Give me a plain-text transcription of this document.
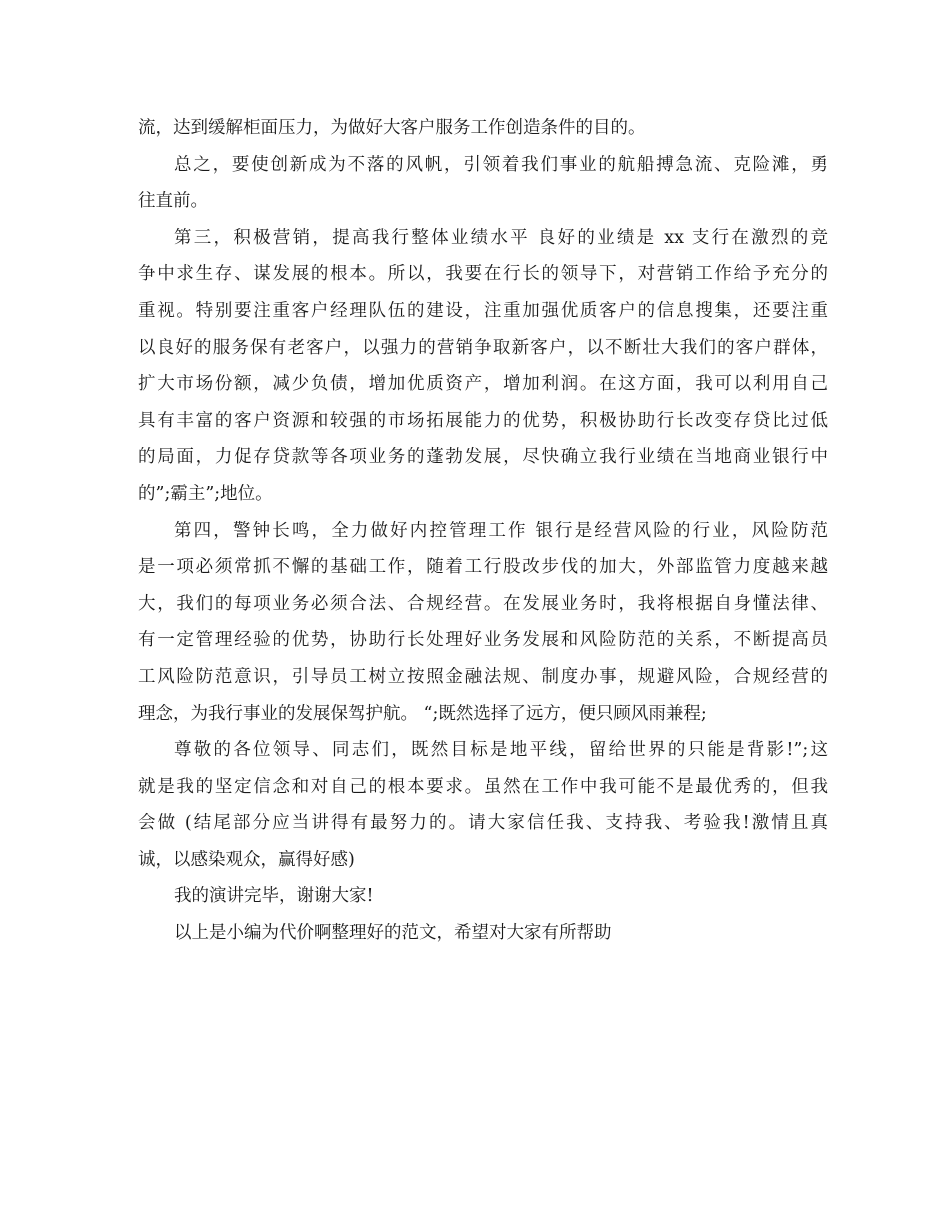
流，达到缓解柜面压力，为做好大客户服务工作创造条件的目的。
总之，要使创新成为不落的风帆，引领着我们事业的航船搏急流、克险滩，勇
往直前。
第三，积极营销，提高我行整体业绩水平 良好的业绩是 xx 支行在激烈的竞
争中求生存、谋发展的根本。所以，我要在行长的领导下，对营销工作给予充分的
重视。特别要注重客户经理队伍的建设，注重加强优质客户的信息搜集，还要注重
以良好的服务保有老客户，以强力的营销争取新客户，以不断壮大我们的客户群体，
扩大市场份额，减少负债，增加优质资产，增加利润。在这方面，我可以利用自己
具有丰富的客户资源和较强的市场拓展能力的优势，积极协助行长改变存贷比过低
的局面，力促存贷款等各项业务的蓬勃发展，尽快确立我行业绩在当地商业银行中
的”;霸主”;地位。
第四，警钟长鸣，全力做好内控管理工作 银行是经营风险的行业，风险防范
是一项必须常抓不懈的基础工作，随着工行股改步伐的加大，外部监管力度越来越
大，我们的每项业务必须合法、合规经营。在发展业务时，我将根据自身懂法律、
有一定管理经验的优势，协助行长处理好业务发展和风险防范的关系，不断提高员
工风险防范意识，引导员工树立按照金融法规、制度办事，规避风险，合规经营的
理念，为我行事业的发展保驾护航。 “;既然选择了远方，便只顾风雨兼程;
尊敬的各位领导、同志们，既然目标是地平线，留给世界的只能是背影!”;这
就是我的坚定信念和对自己的根本要求。虽然在工作中我可能不是最优秀的，但我
会做 (结尾部分应当讲得有最努力的。请大家信任我、支持我、考验我!激情且真
诚，以感染观众，赢得好感)
我的演讲完毕，谢谢大家!
以上是小编为代价啊整理好的范文，希望对大家有所帮助
